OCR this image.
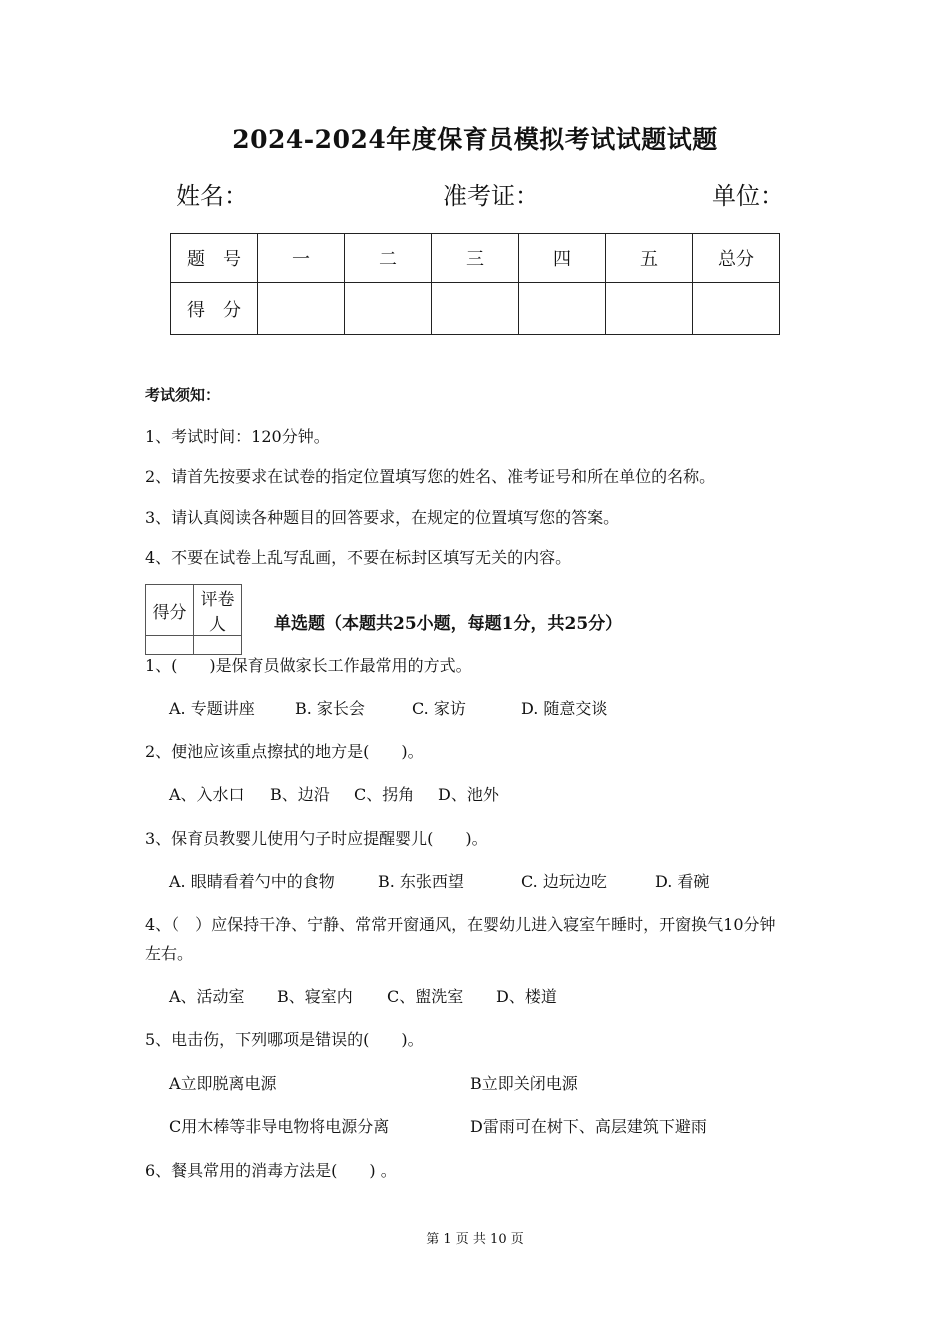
2024-2024年度保育员模拟考试试题试题
姓名：	准考证：	单位：
题　号	一	二	三	四	五	总分
得　分						
考试须知：
1、考试时间：120分钟。
2、请首先按要求在试卷的指定位置填写您的姓名、准考证号和所在单位的名称。
3、请认真阅读各种题目的回答要求，在规定的位置填写您的答案。
4、不要在试卷上乱写乱画，不要在标封区填写无关的内容。
得分	评卷人
		单选题（本题共25小题，每题1分，共25分）
1、(　　)是保育员做家长工作最常用的方式。
A. 专题讲座	B. 家长会	C. 家访	D. 随意交谈
2、便池应该重点擦拭的地方是(　　)。
A、入水口 B、边沿 C、拐角 D、池外
3、保育员教婴儿使用勺子时应提醒婴儿(　　)。
A. 眼睛看着勺中的食物	B. 东张西望	C. 边玩边吃	D. 看碗
4、（　）应保持干净、宁静、常常开窗通风，在婴幼儿进入寝室午睡时，开窗换气10分钟
左右。
A、活动室 B、寝室内 C、盥洗室 D、楼道
5、电击伤，下列哪项是错误的(　　)。
A立即脱离电源	B立即关闭电源
C用木棒等非导电物将电源分离	D雷雨可在树下、高层建筑下避雨
6、餐具常用的消毒方法是(　　) 。
第 1 页 共 10 页
